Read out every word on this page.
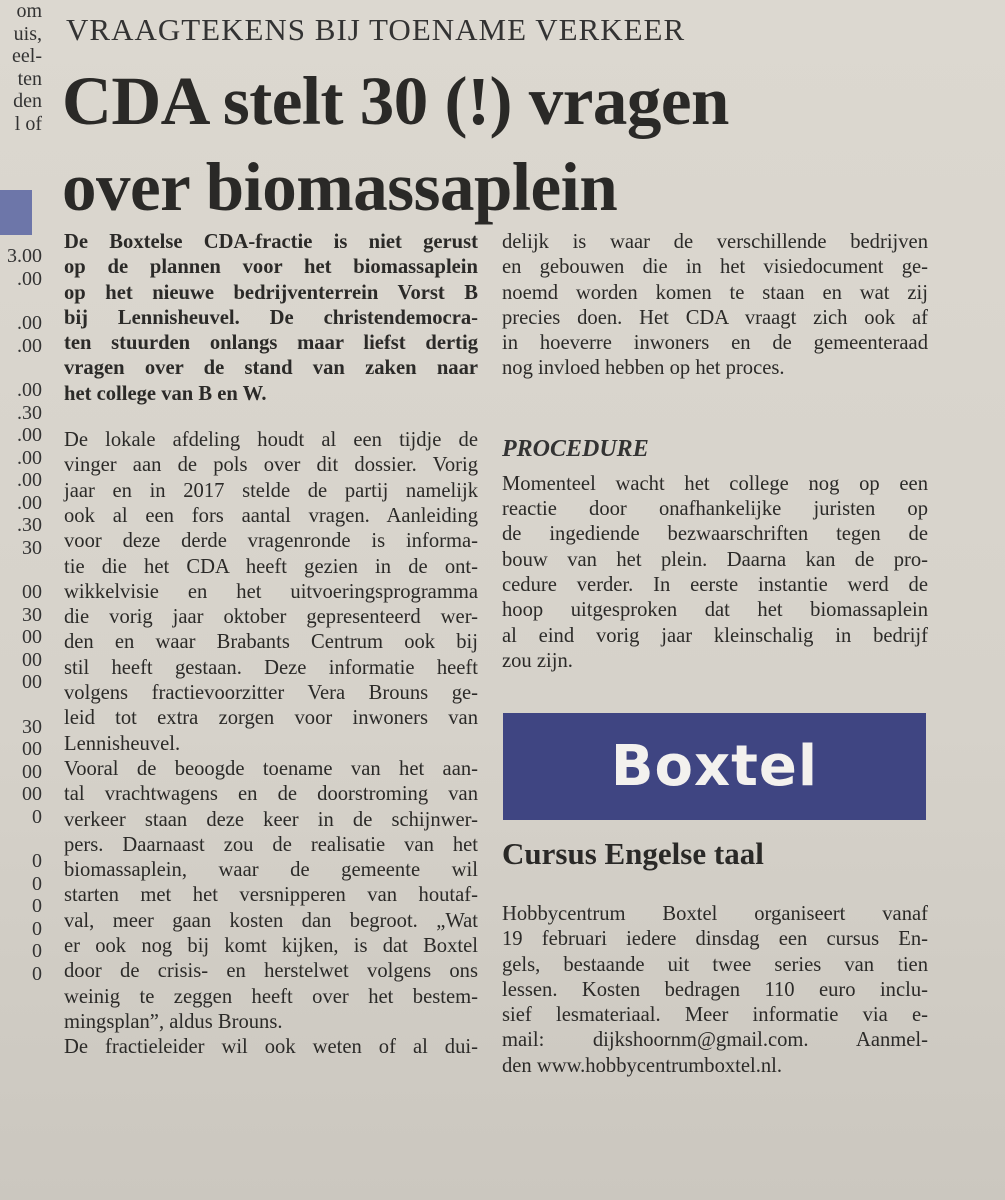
om
uis,
eel-
ten
den
l of
3.00
.00
.00
.00
.00
.30
.00
.00
.00
.00
.30
30
00
30
00
00
00
30
00
00
00
0
0
0
0
0
0
0
VRAAGTEKENS BIJ TOENAME VERKEER
CDA stelt 30 (!) vragen
over biomassaplein
De Boxtelse CDA-fractie is niet gerust
op de plannen voor het biomassaplein
op het nieuwe bedrijventerrein Vorst B
bij Lennisheuvel. De christendemocra-
ten stuurden onlangs maar liefst dertig
vragen over de stand van zaken naar
het college van B en W.
De lokale afdeling houdt al een tijdje de
vinger aan de pols over dit dossier. Vorig
jaar en in 2017 stelde de partij namelijk
ook al een fors aantal vragen. Aanleiding
voor deze derde vragenronde is informa-
tie die het CDA heeft gezien in de ont-
wikkelvisie en het uitvoeringsprogramma
die vorig jaar oktober gepresenteerd wer-
den en waar Brabants Centrum ook bij
stil heeft gestaan. Deze informatie heeft
volgens fractievoorzitter Vera Brouns ge-
leid tot extra zorgen voor inwoners van
Lennisheuvel.
Vooral de beoogde toename van het aan-
tal vrachtwagens en de doorstroming van
verkeer staan deze keer in de schijnwer-
pers. Daarnaast zou de realisatie van het
biomassaplein, waar de gemeente wil
starten met het versnipperen van houtaf-
val, meer gaan kosten dan begroot. „Wat
er ook nog bij komt kijken, is dat Boxtel
door de crisis- en herstelwet volgens ons
weinig te zeggen heeft over het bestem-
mingsplan”, aldus Brouns.
De fractieleider wil ook weten of al dui-
delijk is waar de verschillende bedrijven
en gebouwen die in het visiedocument ge-
noemd worden komen te staan en wat zij
precies doen. Het CDA vraagt zich ook af
in hoeverre inwoners en de gemeenteraad
nog invloed hebben op het proces.
PROCEDURE
Momenteel wacht het college nog op een
reactie door onafhankelijke juristen op
de ingediende bezwaarschriften tegen de
bouw van het plein. Daarna kan de pro-
cedure verder. In eerste instantie werd de
hoop uitgesproken dat het biomassaplein
al eind vorig jaar kleinschalig in bedrijf
zou zijn.
Boxtel
Cursus Engelse taal
Hobbycentrum Boxtel organiseert vanaf
19 februari iedere dinsdag een cursus En-
gels, bestaande uit twee series van tien
lessen. Kosten bedragen 110 euro inclu-
sief lesmateriaal. Meer informatie via e-
mail: dijkshoornm@gmail.com. Aanmel-
den www.hobbycentrumboxtel.nl.
